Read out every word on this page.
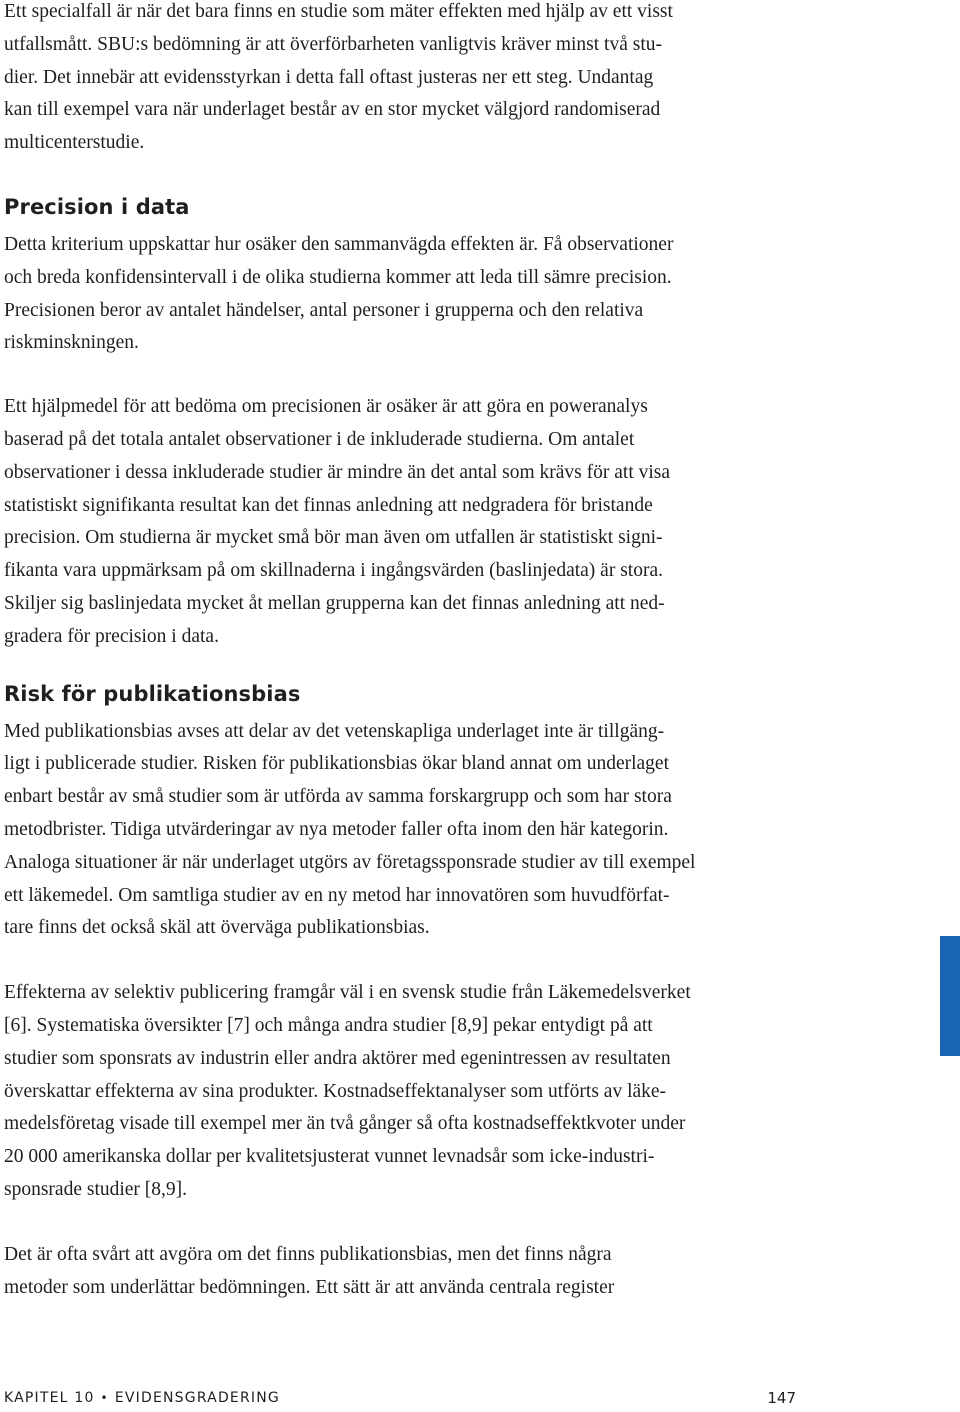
Ett specialfall är när det bara finns en studie som mäter effekten med hjälp av ett visst
utfallsmått. SBU:s bedömning är att överförbarheten vanligtvis kräver minst två stu-
dier. Det innebär att evidensstyrkan i detta fall oftast justeras ner ett steg. Undantag
kan till exempel vara när underlaget består av en stor mycket välgjord randomiserad
multicenterstudie.

Precision i data

Detta kriterium uppskattar hur osäker den sammanvägda effekten är. Få observationer
och breda konfidensintervall i de olika studierna kommer att leda till sämre precision.
Precisionen beror av antalet händelser, antal personer i grupperna och den relativa
riskminskningen.

Ett hjälpmedel för att bedöma om precisionen är osäker är att göra en poweranalys
baserad på det totala antalet observationer i de inkluderade studierna. Om antalet
observationer i dessa inkluderade studier är mindre än det antal som krävs för att visa
statistiskt signifikanta resultat kan det finnas anledning att nedgradera för bristande
precision. Om studierna är mycket små bör man även om utfallen är statistiskt signi-
fikanta vara uppmärksam på om skillnaderna i ingångsvärden (baslinjedata) är stora.
Skiljer sig baslinjedata mycket åt mellan grupperna kan det finnas anledning att ned-
gradera för precision i data.

Risk för publikationsbias

Med publikationsbias avses att delar av det vetenskapliga underlaget inte är tillgäng-
ligt i publicerade studier. Risken för publikationsbias ökar bland annat om underlaget
enbart består av små studier som är utförda av samma forskargrupp och som har stora
metodbrister. Tidiga utvärderingar av nya metoder faller ofta inom den här kategorin.
Analoga situationer är när underlaget utgörs av företagssponsrade studier av till exempel
ett läkemedel. Om samtliga studier av en ny metod har innovatören som huvudförfat-
tare finns det också skäl att överväga publikationsbias.

Effekterna av selektiv publicering framgår väl i en svensk studie från Läkemedelsverket
[6]. Systematiska översikter [7] och många andra studier [8,9] pekar entydigt på att
studier som sponsrats av industrin eller andra aktörer med egenintressen av resultaten
överskattar effekterna av sina produkter. Kostnadseffektanalyser som utförts av läke-
medelsföretag visade till exempel mer än två gånger så ofta kostnadseffektkvoter under
20 000 amerikanska dollar per kvalitetsjusterat vunnet levnadsår som icke-industri-
sponsrade studier [8,9].

Det är ofta svårt att avgöra om det finns publikationsbias, men det finns några
metoder som underlättar bedömningen. Ett sätt är att använda centrala register

KAPITEL 10 • EVIDENSGRADERING	147
